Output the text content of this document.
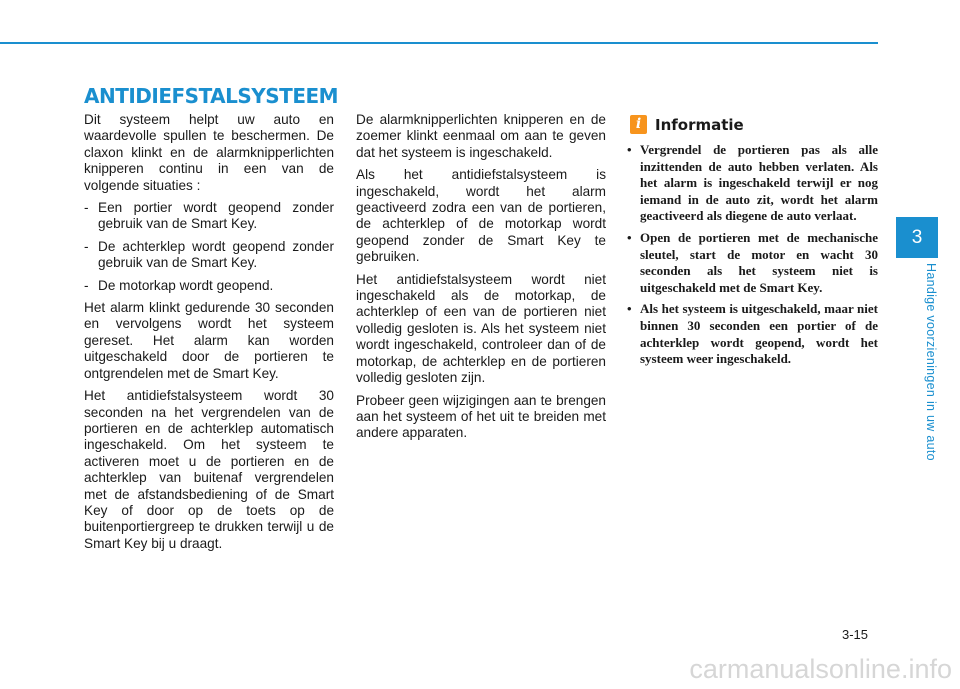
ANTIDIEFSTALSYSTEEM

Dit systeem helpt uw auto en waardevolle spullen te beschermen. De claxon klinkt en de alarmknipperlichten knipperen continu in een van de volgende situaties :

- Een portier wordt geopend zonder gebruik van de Smart Key.
- De achterklep wordt geopend zonder gebruik van de Smart Key.
- De motorkap wordt geopend.

Het alarm klinkt gedurende 30 seconden en vervolgens wordt het systeem gereset. Het alarm kan worden uitgeschakeld door de portieren te ontgrendelen met de Smart Key.

Het antidiefstalsysteem wordt 30 seconden na het vergrendelen van de portieren en de achterklep automatisch ingeschakeld. Om het systeem te activeren moet u de portieren en de achterklep van buitenaf vergrendelen met de afstandsbediening of de Smart Key of door op de toets op de buitenportiergreep te drukken terwijl u de Smart Key bij u draagt.

De alarmknipperlichten knipperen en de zoemer klinkt eenmaal om aan te geven dat het systeem is ingeschakeld.

Als het antidiefstalsysteem is ingeschakeld, wordt het alarm geactiveerd zodra een van de portieren, de achterklep of de motorkap wordt geopend zonder de Smart Key te gebruiken.

Het antidiefstalsysteem wordt niet ingeschakeld als de motorkap, de achterklep of een van de portieren niet volledig gesloten is. Als het systeem niet wordt ingeschakeld, controleer dan of de motorkap, de achterklep en de portieren volledig gesloten zijn.

Probeer geen wijzigingen aan te brengen aan het systeem of het uit te breiden met andere apparaten.

i Informatie
• Vergrendel de portieren pas als alle inzittenden de auto hebben verlaten. Als het alarm is ingeschakeld terwijl er nog iemand in de auto zit, wordt het alarm geactiveerd als diegene de auto verlaat.
• Open de portieren met de mechanische sleutel, start de motor en wacht 30 seconden als het systeem niet is uitgeschakeld met de Smart Key.
• Als het systeem is uitgeschakeld, maar niet binnen 30 seconden een portier of de achterklep wordt geopend, wordt het systeem weer ingeschakeld.
3
Handige voorzieningen in uw auto
3-15
carmanualsonline.info
